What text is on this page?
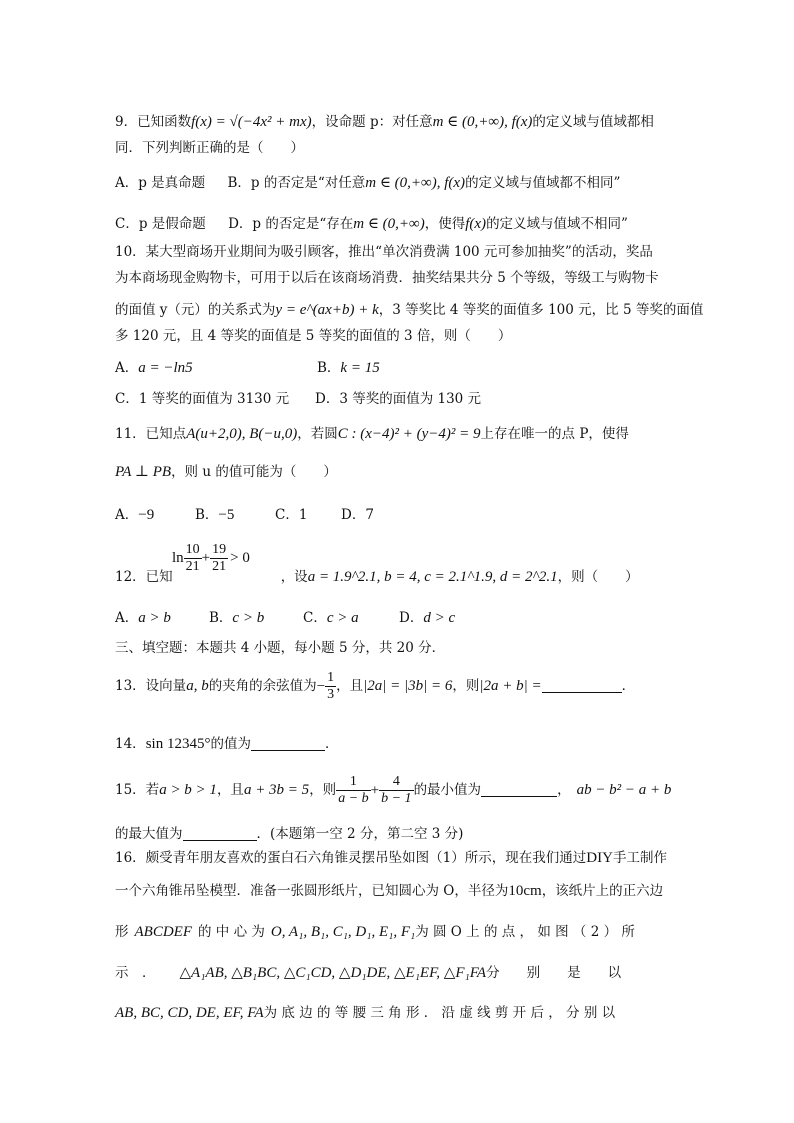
9．已知函数f(x) = √(−4x² + mx)，设命题 p：对任意m ∈ (0,+∞), f(x)的定义域与值域都相
同．下列判断正确的是（　　）
A．p 是真命题 B．p 的否定是“对任意m ∈ (0,+∞), f(x)的定义域与值域都不相同”
C．p 是假命题 D．p 的否定是“存在m ∈ (0,+∞)，使得f(x)的定义域与值域不相同”
10．某大型商场开业期间为吸引顾客，推出“单次消费满 100 元可参加抽奖”的活动，奖品
为本商场现金购物卡，可用于以后在该商场消费．抽奖结果共分 5 个等级，等级工与购物卡
的面值 y（元）的关系式为y = e^(ax+b) + k，3 等奖比 4 等奖的面值多 100 元，比 5 等奖的面值
多 120 元，且 4 等奖的面值是 5 等奖的面值的 3 倍，则（　　）
A．a = −ln5	B．k = 15
C．1 等奖的面值为 3130 元 D．3 等奖的面值为 130 元
11．已知点A(u+2,0), B(−u,0)，若圆C : (x−4)² + (y−4)² = 9上存在唯一的点 P，使得
PA ⊥ PB，则 u 的值可能为（　　）
A．−9	B．−5	C．1 D．7
$\ln \frac{10}{21} + \frac{19}{21} > 0$
12．已知	，设a = 1.9^2.1, b = 4, c = 2.1^1.9, d = 2^2.1，则（　　）
A．a > b	B．c > b	C．c > a	D．d > c
三、填空题：本题共 4 小题，每小题 5 分，共 20 分．
13．设向量a, b的夹角的余弦值为− $\frac{1}{3}$ ，且|2a| = |3b| = 6，则|2a + b| =	．
14．sin 12345°的值为	．
15．若a > b > 1，且a + 3b = 5，则 $\frac{1}{a - b} + \frac{4}{b - 1}$ 的最小值为	， ab − b² − a + b
的最大值为	．(本题第一空 2 分，第二空 3 分)
16．颇受青年朋友喜欢的蛋白石六角锥灵摆吊坠如图（1）所示，现在我们通过DIY手工制作
一个六角锥吊坠模型．准备一张圆形纸片，已知圆心为 O，半径为10cm，该纸片上的正六边
形 ABCDEF 的 中 心 为 O, A₁, B₁, C₁, D₁, E₁, F₁为 圆 O 上 的 点 ， 如 图 （ 2 ） 所
示　． △A₁AB, △B₁BC, △C₁CD, △D₁DE, △E₁EF, △F₁FA分　　别　　是　　以
AB, BC, CD, DE, EF, FA为 底 边 的 等 腰 三 角 形 ． 沿 虚 线 剪 开 后 ， 分 别 以
